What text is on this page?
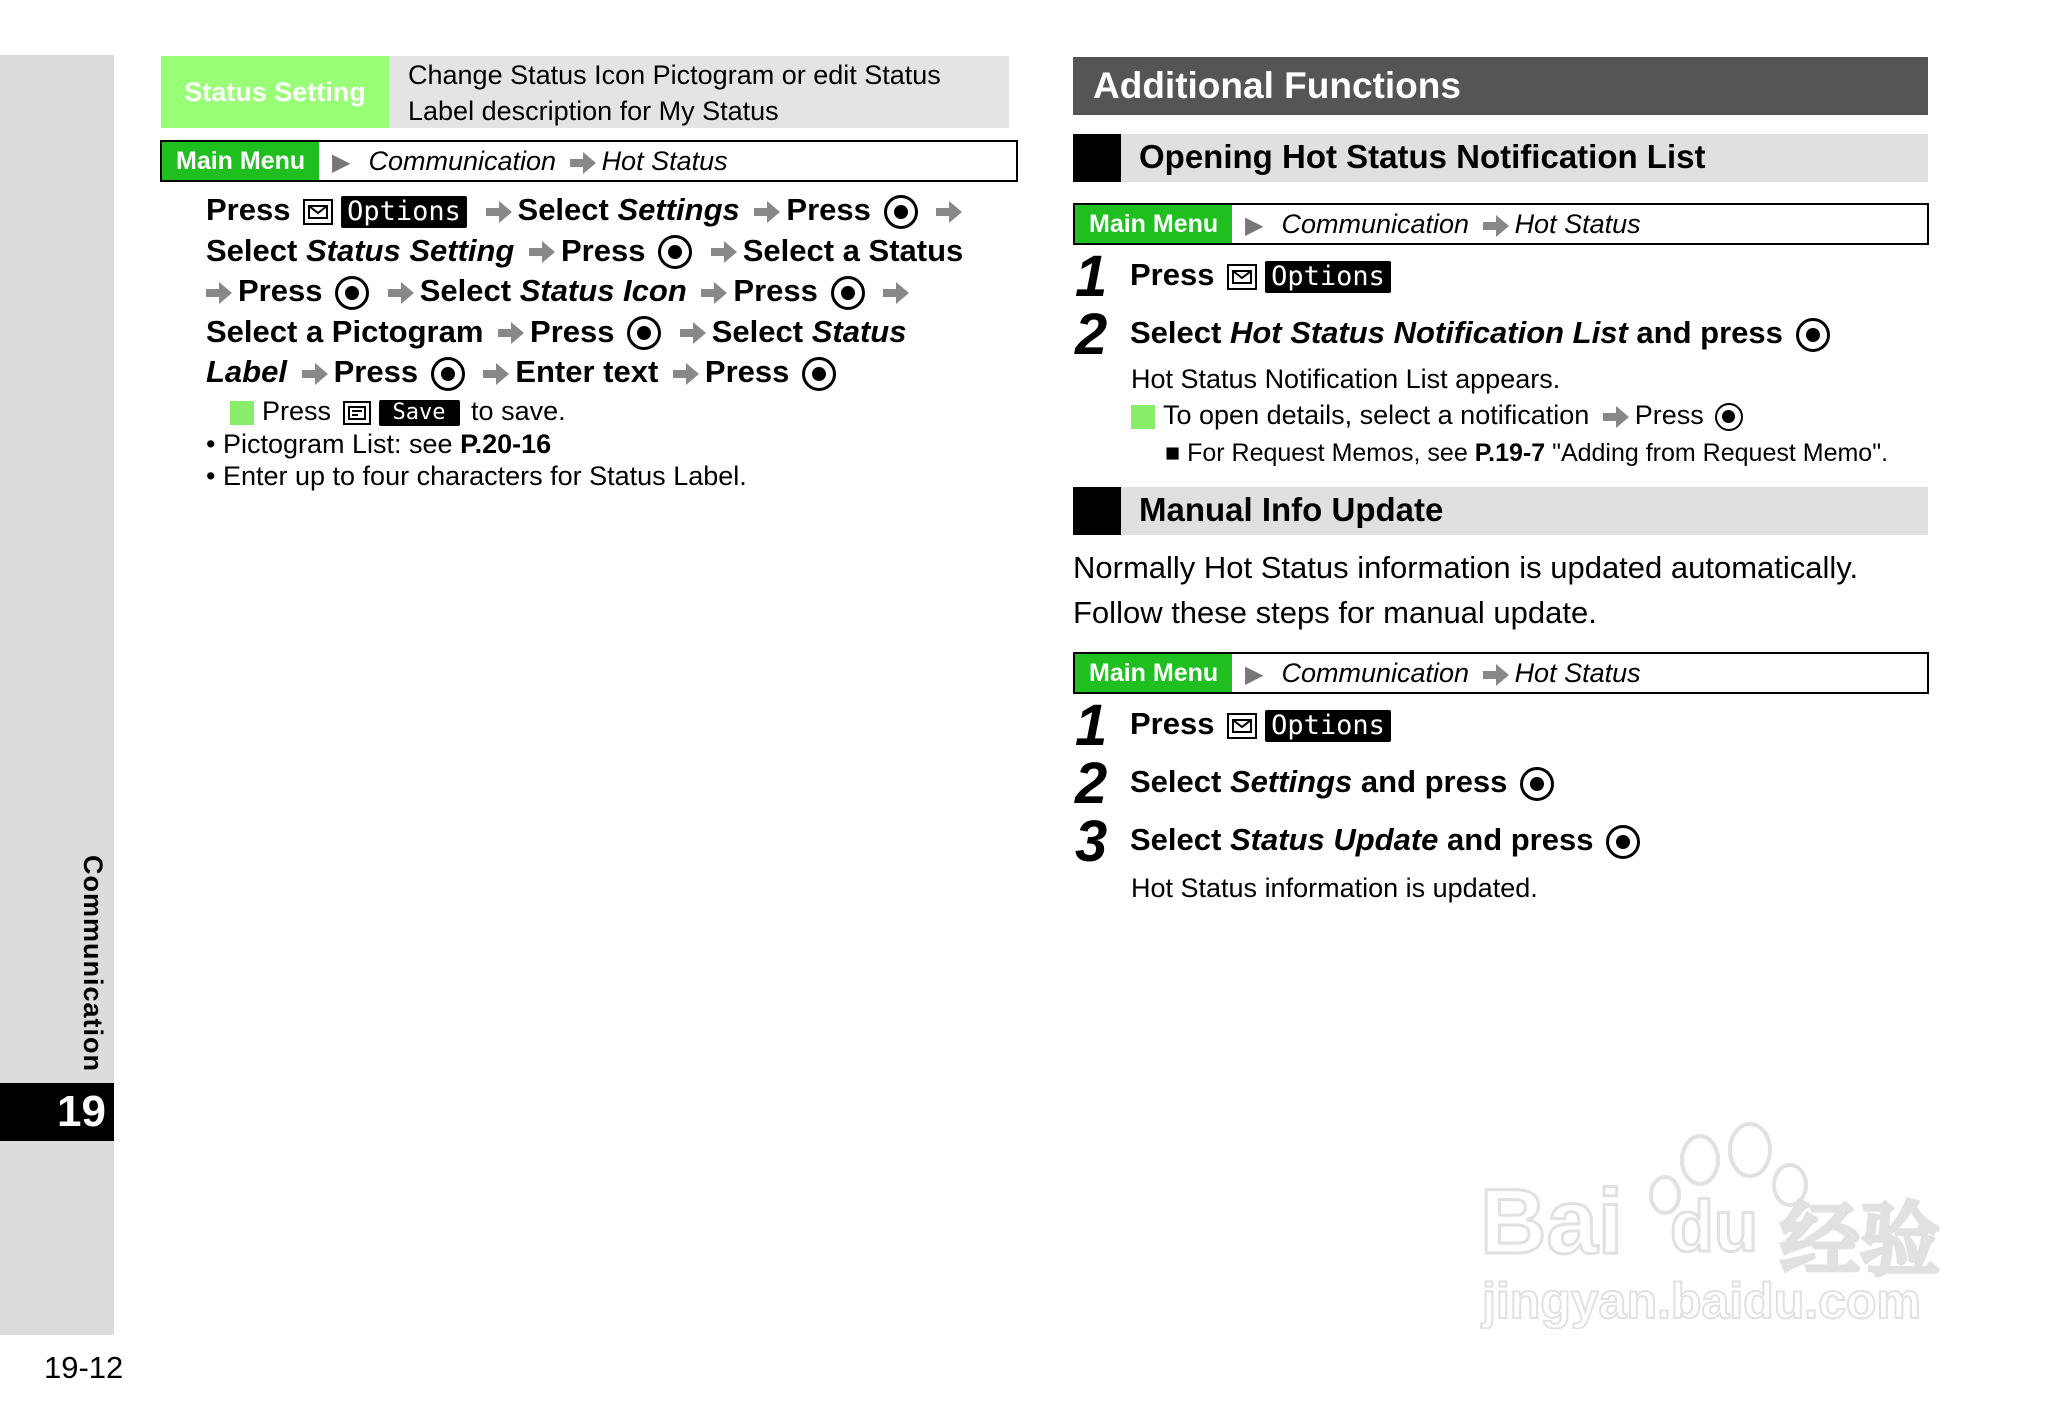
Communication
19
19-12
Status Setting
Change Status Icon Pictogram or edit Status Label description for My Status
Main Menu	▶ Communication Hot Status
Press Options Select Settings Press
Select Status Setting Press	Select a Status
Press	Select Status Icon Press
Select a Pictogram Press	Select Status
Label Press	Enter text Press
Press	Save to save.
• Pictogram List: see P.20-16
• Enter up to four characters for Status Label.
Additional Functions
Opening Hot Status Notification List
Main Menu	▶ Communication Hot Status
1 Press Options
2 Select Hot Status Notification List and press
Hot Status Notification List appears.
To open details, select a notification Press
■ For Request Memos, see P.19-7 "Adding from Request Memo".
Manual Info Update
Normally Hot Status information is updated automatically.
Follow these steps for manual update.
Main Menu	▶ Communication Hot Status
1 Press Options
2 Select Settings and press
3 Select Status Update and press
Hot Status information is updated.
Bai du 经验
jingyan.baidu.com
